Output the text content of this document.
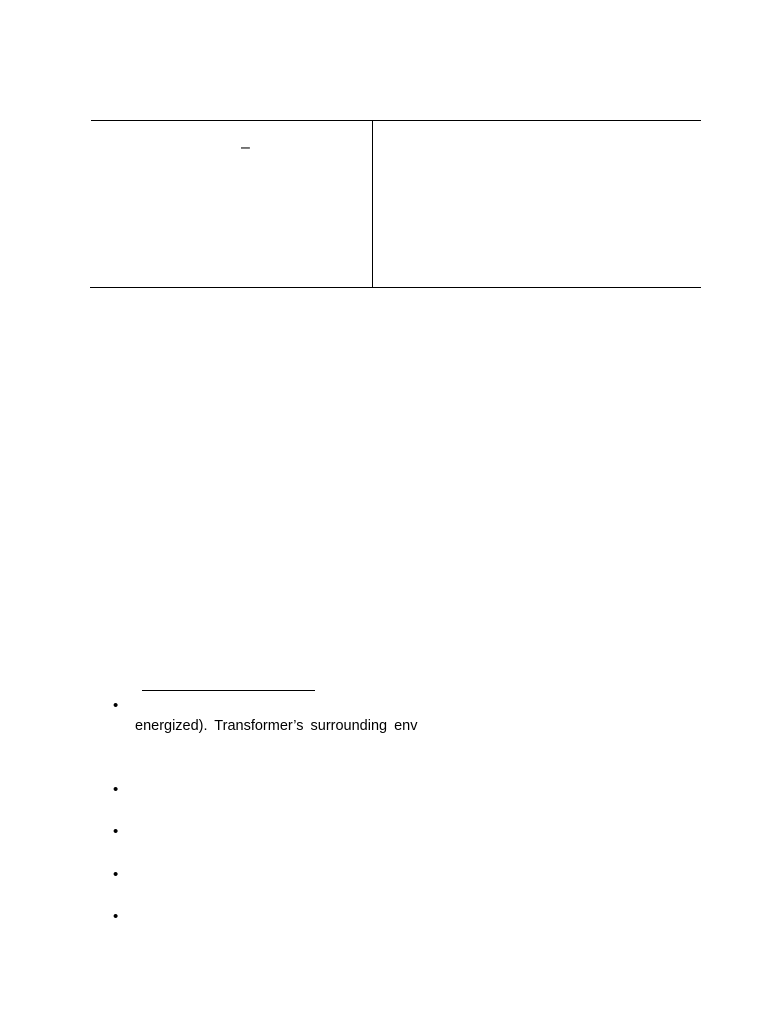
–
•
energized). Transformer’s surrounding env
•
•
•
•
